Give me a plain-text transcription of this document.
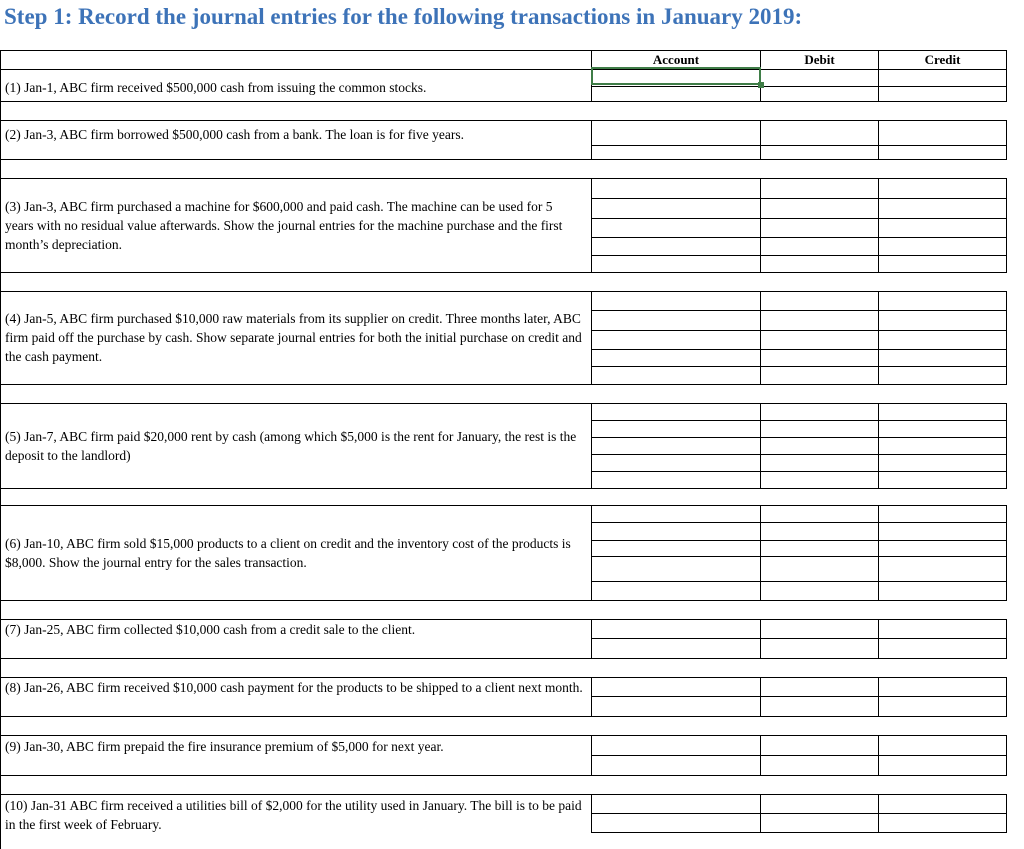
Step 1: Record the journal entries for the following transactions in January 2019:
Account	Debit	Credit
(1) Jan-1, ABC firm received $500,000 cash from issuing the common stocks.
(2) Jan-3, ABC firm borrowed $500,000 cash from a bank. The loan is for five years.
(3) Jan-3, ABC firm purchased a machine for $600,000 and paid cash. The machine can be used for 5 years with no residual value afterwards. Show the journal entries for the machine purchase and the first month’s depreciation.
(4) Jan-5, ABC firm purchased $10,000 raw materials from its supplier on credit. Three months later, ABC firm paid off the purchase by cash. Show separate journal entries for both the initial purchase on credit and the cash payment.
(5) Jan-7, ABC firm paid $20,000 rent by cash (among which $5,000 is the rent for January, the rest is the deposit to the landlord)
(6) Jan-10, ABC firm sold $15,000 products to a client on credit and the inventory cost of the products is $8,000. Show the journal entry for the sales transaction.
(7) Jan-25, ABC firm collected $10,000 cash from a credit sale to the client.
(8) Jan-26, ABC firm received $10,000 cash payment for the products to be shipped to a client next month.
(9) Jan-30, ABC firm prepaid the fire insurance premium of $5,000 for next year.
(10) Jan-31 ABC firm received a utilities bill of $2,000 for the utility used in January. The bill is to be paid in the first week of February.
